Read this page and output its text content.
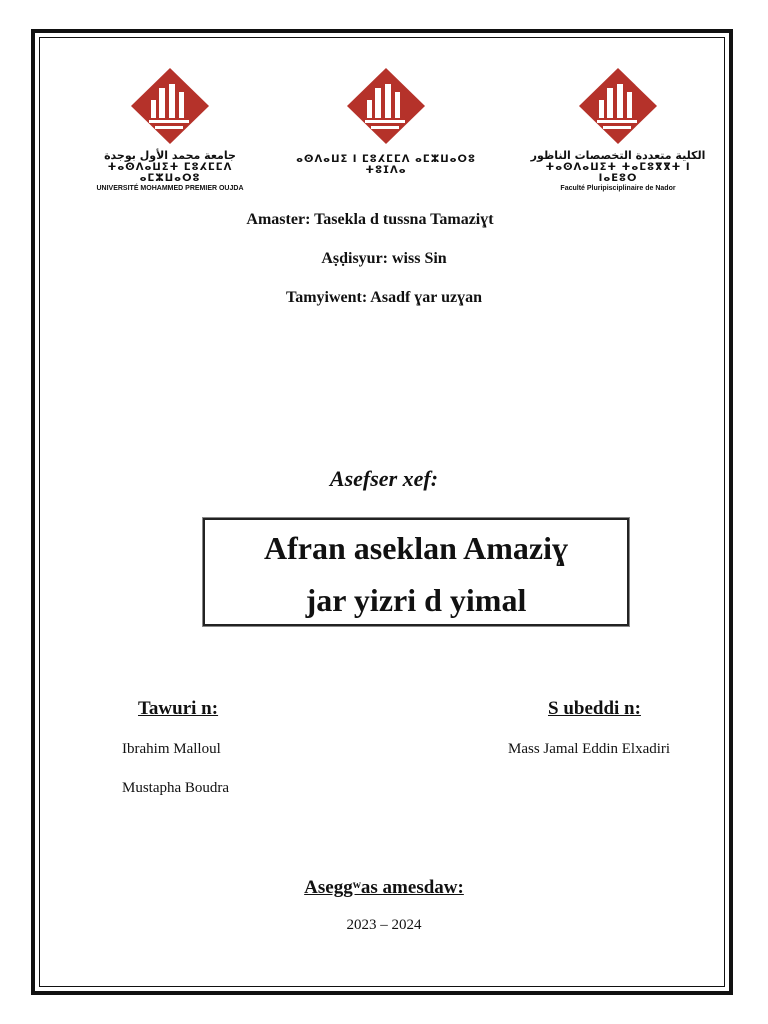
جامعة محمد الأول بوجدة
ⵜⴰⵙⴷⴰⵡⵉⵜ ⵎⵓⵃⵎⵎⴷ ⴰⵎⵣⵡⴰⵔⵓ
UNIVERSITÉ MOHAMMED PREMIER OUJDA
ⴰⵙⴷⴰⵡⵉ ⵏ ⵎⵓⵃⵎⵎⴷ ⴰⵎⵣⵡⴰⵔⵓ
ⵜⵓⵊⴷⴰ
الكلية متعددة التخصصات الناظور
ⵜⴰⵙⴷⴰⵡⵉⵜ ⵜⴰⵎⵓⴳⴳⵜ ⵏ ⵏⴰⴹⵓⵔ
Faculté Pluripisciplinaire de Nador
Amaster: Tasekla d tussna Tamaziɣt
Aṣḍisyur: wiss Sin
Tamyiwent: Asadf ɣar uzɣan
Asefser xef:
Afran aseklan Amaziɣ
jar yizri d yimal
Tawuri n:
Ibrahim Malloul
Mustapha Boudra
S ubeddi n:
Mass Jamal Eddin Elxadiri
Aseggʷas amesdaw:
2023 – 2024
